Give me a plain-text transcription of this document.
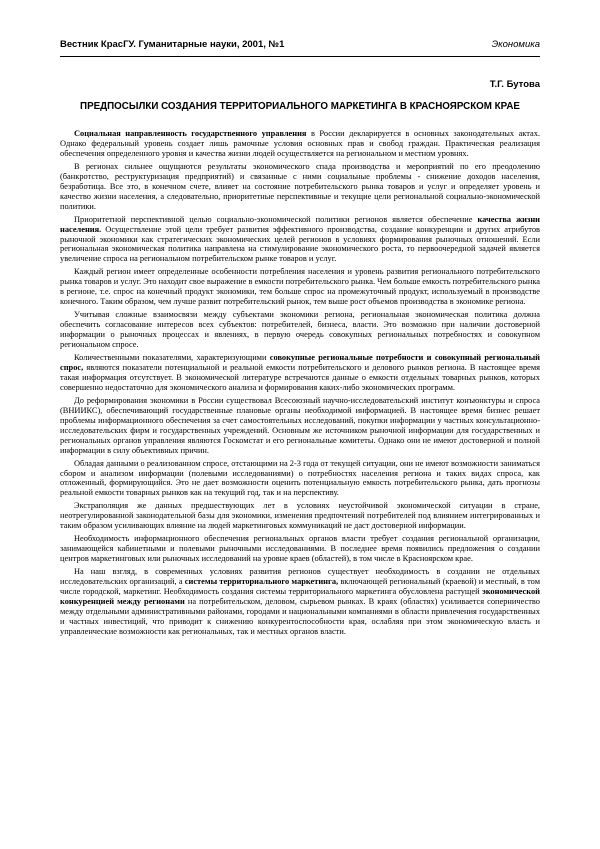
Вестник КрасГУ. Гуманитарные науки, 2001, №1	Экономика
Т.Г. Бутова
ПРЕДПОСЫЛКИ СОЗДАНИЯ ТЕРРИТОРИАЛЬНОГО МАРКЕТИНГА В КРАСНОЯРСКОМ КРАЕ

Социальная направленность государственного управления в России декларируется в основных законодательных актах. Однако федеральный уровень создает лишь рамочные условия основных прав и свобод граждан. Практическая реализация обеспечения определенного уровня и качества жизни людей осуществляется на региональном и местном уровнях.

В регионах сильнее ощущаются результаты экономического спада производства и мероприятий по его преодолению (банкротство, реструктуризация предприятий) и связанные с ними социальные проблемы - снижение доходов населения, безработица. Все это, в конечном счете, влияет на состояние потребительского рынка товаров и услуг и определяет уровень и качество жизни населения, а следовательно, приоритетные перспективные и текущие цели региональной социально-экономической политики.

Приоритетной перспективной целью социально-экономической политики регионов является обеспечение качества жизни населения. Осуществление этой цели требует развития эффективного производства, создание конкуренции и других атрибутов рыночной экономики как стратегических экономических целей регионов в условиях формирования рыночных отношений. Если региональная экономическая политика направлена на стимулирование экономического роста, то первоочередной задачей является увеличение спроса на региональном потребительском рынке товаров и услуг.

Каждый регион имеет определенные особенности потребления населения и уровень развития регионального потребительского рынка товаров и услуг. Это находит свое выражение в емкости потребительского рынка. Чем больше емкость потребительского рынка в регионе, т.е. спрос на конечный продукт экономики, тем больше спрос на промежуточный продукт, используемый в производстве конечного. Таким образом, чем лучше развит потребительский рынок, тем выше рост объемов производства в экономике региона.

Учитывая сложные взаимосвязи между субъектами экономики региона, региональная экономическая политика должна обеспечить согласование интересов всех субъектов: потребителей, бизнеса, власти. Это возможно при наличии достоверной информации о рыночных процессах и явлениях, в первую очередь совокупных региональных потребностях и совокупном региональном спросе.

Количественными показателями, характеризующими совокупные региональные потребности и совокупный региональный спрос, являются показатели потенциальной и реальной емкости потребительского и делового рынков региона. В настоящее время такая информация отсутствует. В экономической литературе встречаются данные о емкости отдельных товарных рынков, которых совершенно недостаточно для экономического анализа и формирования каких-либо экономических программ.

До реформирования экономики в России существовал Всесоюзный научно-исследовательский институт конъюнктуры и спроса (ВНИИКС), обеспечивающий государственные плановые органы необходимой информацией. В настоящее время бизнес решает проблемы информационного обеспечения за счет самостоятельных исследований, покупки информации у частных консультационно-исследовательских фирм и государственных учреждений. Основным же источником рыночной информации для государственных и региональных органов управления являются Госкомстат и его региональные комитеты. Однако они не имеют достоверной и полной информации в силу объективных причин.

Обладая данными о реализованном спросе, отстающими на 2-3 года от текущей ситуации, они не имеют возможности заниматься сбором и анализом информации (полевыми исследованиями) о потребностях населения региона и таких видах спроса, как отложенный, формирующийся. Это не дает возможности оценить потенциальную емкость потребительского рынка, дать прогнозы реальной емкости товарных рынков как на текущий год, так и на перспективу.

Экстраполяция же данных предшествующих лет в условиях неустойчивой экономической ситуации в стране, неотрегулированной законодательной базы для экономики, изменения предпочтений потребителей под влиянием интегрированных и таким образом усиливающих влияние на людей маркетинговых коммуникаций не даст достоверной информации.

Необходимость информационного обеспечения региональных органов власти требует создания региональной организации, занимающейся кабинетными и полевыми рыночными исследованиями. В последнее время появились предложения о создании центров маркетинговых или рыночных исследований на уровне краев (областей), в том числе в Красноярском крае.

На наш взгляд, в современных условиях развития регионов существует необходимость в создании не отдельных исследовательских организаций, а системы территориального маркетинга, включающей региональный (краевой) и местный, в том числе городской, маркетинг. Необходимость создания системы территориального маркетинга обусловлена растущей экономической конкуренцией между регионами на потребительском, деловом, сырьевом рынках. В краях (областях) усиливается соперничество между отдельными административными районами, городами и национальными компаниями в области привлечения государственных и частных инвестиций, что приводит к снижению конкурентоспособности края, ослабляя при этом экономическую власть и управленческие возможности как региональных, так и местных органов власти.
